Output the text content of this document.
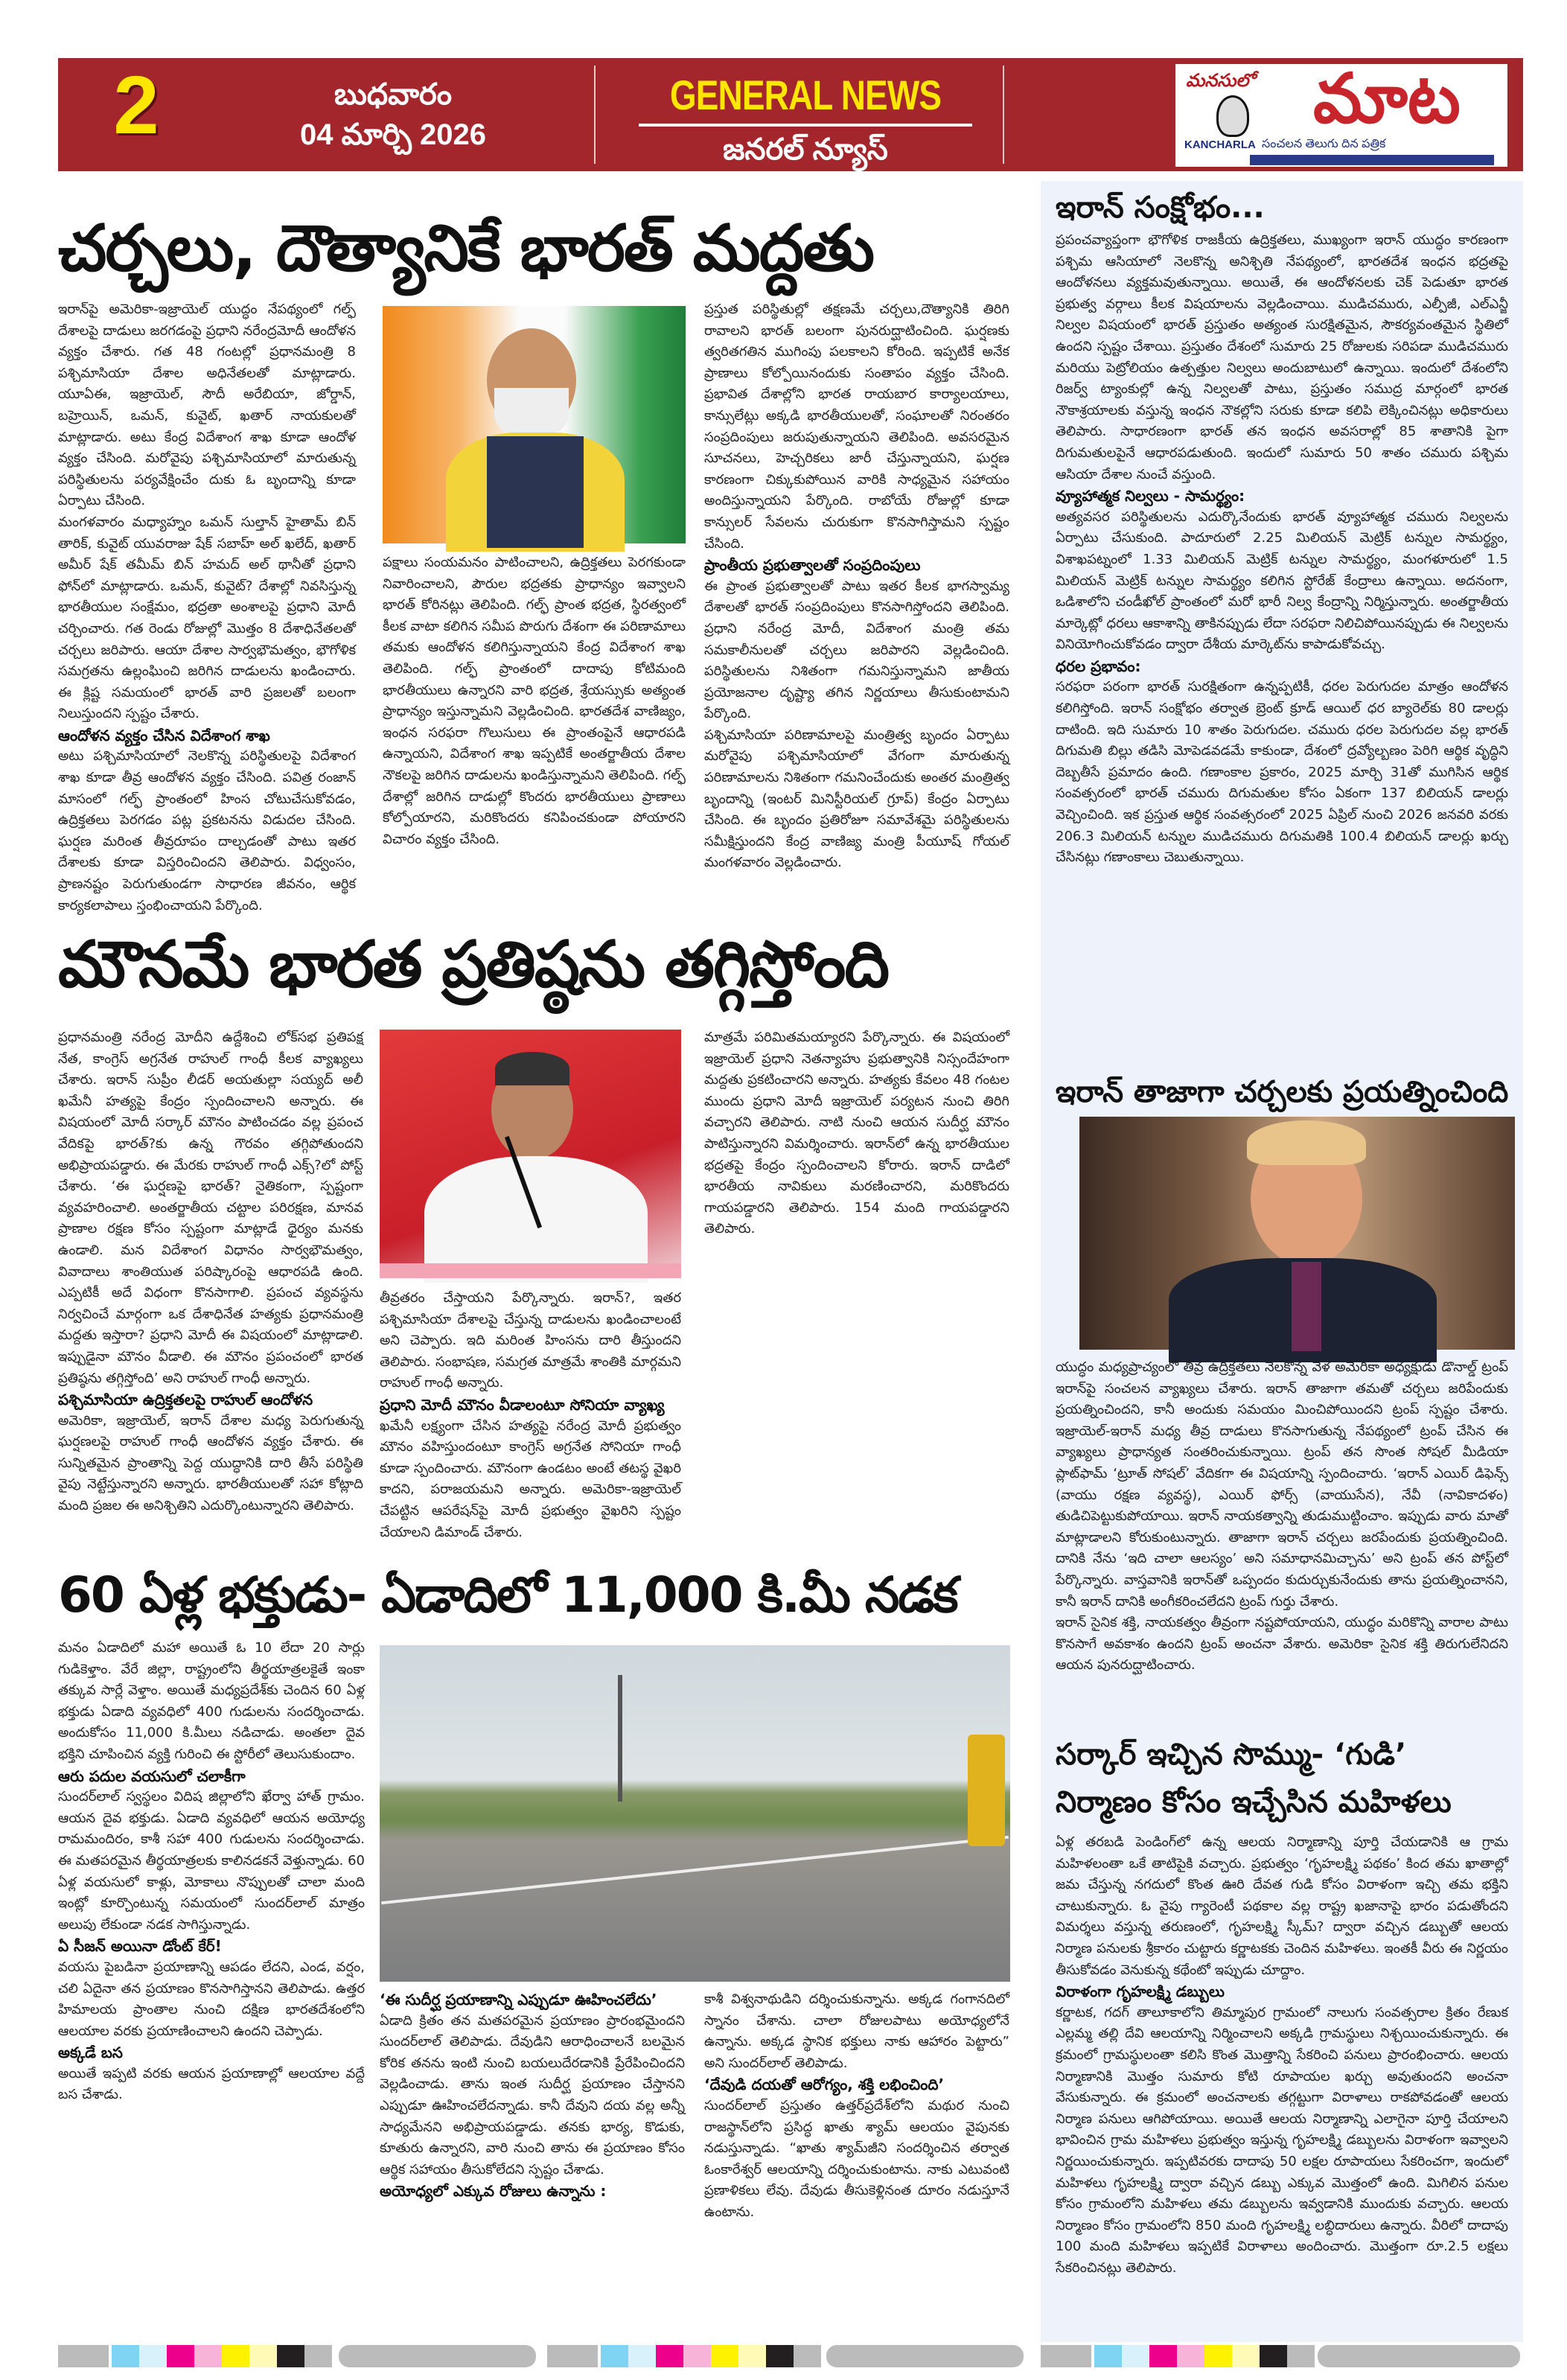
2	బుధవారం
04 మార్చి 2026
GENERAL NEWS
జనరల్ న్యూస్
మనసులో మాట
KANCHARLA సంచలన తెలుగు దిన పత్రిక
చర్చలు, దౌత్యానికే భారత్ మద్దతు

ఇరాన్‌పై అమెరికా-ఇజ్రాయెల్ యుద్ధం నేపథ్యంలో గల్ఫ్ దేశాలపై దాడులు జరగడంపై ప్రధాని నరేంద్రమోదీ ఆందోళన వ్యక్తం చేశారు. గత 48 గంటల్లో ప్రధానమంత్రి 8 పశ్చిమాసియా దేశాల అధినేతలతో మాట్లాడారు. యూఏఈ, ఇజ్రాయెల్, సౌదీ అరేబియా, జోర్డాన్, బహ్రెయిన్, ఒమన్, కువైట్, ఖతార్ నాయకులతో మాట్లాడారు. అటు కేంద్ర విదేశాంగ శాఖ కూడా ఆందోళ వ్యక్తం చేసింది. మరోవైపు పశ్చిమాసియాలో మారుతున్న పరిస్థితులను పర్యవేక్షించేం దుకు ఓ బృందాన్ని కూడా ఏర్పాటు చేసింది.

మంగళవారం మధ్యాహ్నం ఒమన్ సుల్తాన్ హైతామ్ బిన్ తారిక్, కువైట్ యువరాజు షేక్ సబాహ్ అల్ ఖలేద్, ఖతార్ అమీర్ షేక్ తమీమ్ బిన్ హమద్ అల్ థానీతో ప్రధాని ఫోన్‌లో మాట్లాడారు. ఒమన్, కువైట్? దేశాల్లో నివసిస్తున్న భారతీయుల సంక్షేమం, భద్రతా అంశాలపై ప్రధాని మోదీ చర్చించారు. గత రెండు రోజుల్లో మొత్తం 8 దేశాధినేతలతో చర్చలు జరిపారు. ఆయా దేశాల సార్వభౌమత్వం, భౌగోళిక సమగ్రతను ఉల్లంఘించి జరిగిన దాడులను ఖండించారు. ఈ క్లిష్ట సమయంలో భారత్ వారి ప్రజలతో బలంగా నిలుస్తుందని స్పష్టం చేశారు.

ఆందోళన వ్యక్తం చేసిన విదేశాంగ శాఖ

అటు పశ్చిమాసియాలో నెలకొన్న పరిస్థితులపై విదేశాంగ శాఖ కూడా తీవ్ర ఆందోళన వ్యక్తం చేసింది. పవిత్ర రంజాన్ మాసంలో గల్ఫ్ ప్రాంతంలో హింస చోటుచేసుకోవడం, ఉద్రిక్తతలు పెరగడం పట్ల ప్రకటనను విడుదల చేసింది. ఘర్షణ మరింత తీవ్రరూపం దాల్చడంతో పాటు ఇతర దేశాలకు కూడా విస్తరించిందని తెలిపారు. విధ్వంసం, ప్రాణనష్టం పెరుగుతుండగా సాధారణ జీవనం, ఆర్థిక కార్యకలాపాలు స్తంభించాయని పేర్కొంది.

పక్షాలు సంయమనం పాటించాలని, ఉద్రిక్తతలు పెరగకుండా నివారించాలని, పౌరుల భద్రతకు ప్రాధాన్యం ఇవ్వాలని భారత్ కోరినట్లు తెలిపింది. గల్ఫ్ ప్రాంత భద్రత, స్థిరత్వంలో కీలక వాటా కలిగిన సమీప పొరుగు దేశంగా ఈ పరిణామాలు తమకు ఆందోళన కలిగిస్తున్నాయని కేంద్ర విదేశాంగ శాఖ తెలిపింది. గల్ఫ్ ప్రాంతంలో దాదాపు కోటిమంది భారతీయులు ఉన్నారని వారి భద్రత, శ్రేయస్సుకు అత్యంత ప్రాధాన్యం ఇస్తున్నామని వెల్లడించింది. భారతదేశ వాణిజ్యం, ఇంధన సరఫరా గొలుసులు ఈ ప్రాంతంపైనే ఆధారపడి ఉన్నాయని, విదేశాంగ శాఖ ఇప్పటికే అంతర్జాతీయ దేశాల నౌకలపై జరిగిన దాడులను ఖండిస్తున్నామని తెలిపింది. గల్ఫ్ దేశాల్లో జరిగిన దాడుల్లో కొందరు భారతీయులు ప్రాణాలు కోల్పోయారని, మరికొందరు కనిపించకుండా పోయారని విచారం వ్యక్తం చేసింది.

ప్రస్తుత పరిస్థితుల్లో తక్షణమే చర్చలు,దౌత్యానికి తిరిగి రావాలని భారత్ బలంగా పునరుద్ఘాటించింది. ఘర్షణకు త్వరితగతిన ముగింపు పలకాలని కోరింది. ఇప్పటికే అనేక ప్రాణాలు కోల్పోయినందుకు సంతాపం వ్యక్తం చేసింది. ప్రభావిత దేశాల్లోని భారత రాయబార కార్యాలయాలు, కాన్సులేట్లు అక్కడి భారతీయులతో, సంఘాలతో నిరంతరం సంప్రదింపులు జరుపుతున్నాయని తెలిపింది. అవసరమైన సూచనలు, హెచ్చరికలు జారీ చేస్తున్నాయని, ఘర్షణ కారణంగా చిక్కుకుపోయిన వారికి సాధ్యమైన సహాయం అందిస్తున్నాయని పేర్కొంది. రాబోయే రోజుల్లో కూడా కాన్సులర్ సేవలను చురుకుగా కొనసాగిస్తామని స్పష్టం చేసింది.

ప్రాంతీయ ప్రభుత్వాలతో సంప్రదింపులు

ఈ ప్రాంత ప్రభుత్వాలతో పాటు ఇతర కీలక భాగస్వామ్య దేశాలతో భారత్ సంప్రదింపులు కొనసాగిస్తోందని తెలిపింది. ప్రధాని నరేంద్ర మోదీ, విదేశాంగ మంత్రి తమ సమకాలీనులతో చర్చలు జరిపారని వెల్లడించింది. పరిస్థితులను నిశితంగా గమనిస్తున్నామని జాతీయ ప్రయోజనాల దృష్ట్యా తగిన నిర్ణయాలు తీసుకుంటామని పేర్కొంది.

పశ్చిమాసియా పరిణామాలపై మంత్రిత్వ బృందం ఏర్పాటు మరోవైపు పశ్చిమాసియాలో వేగంగా మారుతున్న పరిణామాలను నిశితంగా గమనించేందుకు అంతర మంత్రిత్వ బృందాన్ని (ఇంటర్ మినిస్టీరియల్ గ్రూప్) కేంద్రం ఏర్పాటు చేసింది. ఈ బృందం ప్రతిరోజూ సమావేశమై పరిస్థితులను సమీక్షిస్తుందని కేంద్ర వాణిజ్య మంత్రి పీయూష్ గోయల్ మంగళవారం వెల్లడించారు.

మౌనమే భారత ప్రతిష్ఠను తగ్గిస్తోంది

ప్రధానమంత్రి నరేంద్ర మోదీని ఉద్దేశించి లోక్‌సభ ప్రతిపక్ష నేత, కాంగ్రెస్ అగ్రనేత రాహుల్ గాంధీ కీలక వ్యాఖ్యలు చేశారు. ఇరాన్ సుప్రీం లీడర్ అయతుల్లా సయ్యద్ అలీ ఖమేనీ హత్యపై కేంద్రం స్పందించాలని అన్నారు. ఈ విషయంలో మోదీ సర్కార్ మౌనం పాటించడం వల్ల ప్రపంచ వేదికపై భారత్?కు ఉన్న గౌరవం తగ్గిపోతుందని అభిప్రాయపడ్డారు. ఈ మేరకు రాహుల్ గాంధీ ఎక్స్?లో పోస్ట్ చేశారు. ‘ఈ ఘర్షణపై భారత్? నైతికంగా, స్పష్టంగా వ్యవహరించాలి. అంతర్జాతీయ చట్టాల పరిరక్షణ, మానవ ప్రాణాల రక్షణ కోసం స్పష్టంగా మాట్లాడే ధైర్యం మనకు ఉండాలి. మన విదేశాంగ విధానం సార్వభౌమత్వం, వివాదాలు శాంతియుత పరిష్కారంపై ఆధారపడి ఉంది. ఎప్పటికీ అదే విధంగా కొనసాగాలి. ప్రపంచ వ్యవస్థను నిర్వచించే మార్గంగా ఒక దేశాధినేత హత్యకు ప్రధానమంత్రి మద్దతు ఇస్తారా? ప్రధాని మోదీ ఈ విషయంలో మాట్లాడాలి. ఇప్పుడైనా మౌనం వీడాలి. ఈ మౌనం ప్రపంచంలో భారత ప్రతిష్ఠను తగ్గిస్తోంది’ అని రాహుల్ గాంధీ అన్నారు.

పశ్చిమాసియా ఉద్రిక్తతలపై రాహుల్ ఆందోళన

అమెరికా, ఇజ్రాయెల్, ఇరాన్ దేశాల మధ్య పెరుగుతున్న ఘర్షణలపై రాహుల్ గాంధీ ఆందోళన వ్యక్తం చేశారు. ఈ సున్నితమైన ప్రాంతాన్ని పెద్ద యుద్ధానికి దారి తీసే పరిస్థితి వైపు నెట్టేస్తున్నారని అన్నారు. భారతీయులతో సహా కోట్లాది మంది ప్రజల ఈ అనిశ్చితిని ఎదుర్కొంటున్నారని తెలిపారు.

తీవ్రతరం చేస్తాయని పేర్కొన్నారు. ఇరాన్?, ఇతర పశ్చిమాసియా దేశాలపై చేస్తున్న దాడులను ఖండించాలంటే అని చెప్పారు. ఇది మరింత హింసను దారి తీస్తుందని తెలిపారు. సంభాషణ, సమగ్రత మాత్రమే శాంతికి మార్గమని రాహుల్ గాంధీ అన్నారు.

ప్రధాని మోదీ మౌనం వీడాలంటూ సోనియా వ్యాఖ్య

ఖమేనీ లక్ష్యంగా చేసిన హత్యపై నరేంద్ర మోదీ ప్రభుత్వం మౌనం వహిస్తుందంటూ కాంగ్రెస్ అగ్రనేత సోనియా గాంధీ కూడా స్పందించారు. మౌనంగా ఉండటం అంటే తటస్థ వైఖరి కాదని, పరాజయమని అన్నారు. అమెరికా-ఇజ్రాయెల్ చేపట్టిన ఆపరేషన్‌పై మోదీ ప్రభుత్వం వైఖరిని స్పష్టం చేయాలని డిమాండ్ చేశారు.

మాత్రమే పరిమితమయ్యారని పేర్కొన్నారు. ఈ విషయంలో ఇజ్రాయెల్ ప్రధాని నెతన్యాహు ప్రభుత్వానికి నిస్సందేహంగా మద్దతు ప్రకటించారని అన్నారు. హత్యకు కేవలం 48 గంటల ముందు ప్రధాని మోదీ ఇజ్రాయెల్ పర్యటన నుంచి తిరిగి వచ్చారని తెలిపారు. నాటి నుంచి ఆయన సుదీర్ఘ మౌనం పాటిస్తున్నారని విమర్శించారు. ఇరాన్‌లో ఉన్న భారతీయుల భద్రతపై కేంద్రం స్పందించాలని కోరారు. ఇరాన్ దాడిలో భారతీయ నావికులు మరణించారని, మరికొందరు గాయపడ్డారని తెలిపారు. 154 మంది గాయపడ్డారని తెలిపారు.

60 ఏళ్ల భక్తుడు- ఏడాదిలో 11,000 కి.మీ నడక

మనం ఏడాదిలో మహా అయితే ఓ 10 లేదా 20 సార్లు గుడికెళ్తాం. వేరే జిల్లా, రాష్ట్రంలోని తీర్థయాత్రలకైతే ఇంకా తక్కువ సార్లే వెళ్తాం. అయితే మధ్యప్రదేశ్‌కు చెందిన 60 ఏళ్ల భక్తుడు ఏడాది వ్యవధిలో 400 గుడులను సందర్శించాడు. అందుకోసం 11,000 కి.మీలు నడిచాడు. అంతలా దైవ భక్తిని చూపించిన వ్యక్తి గురించి ఈ స్టోరీలో తెలుసుకుందాం.

ఆరు పదుల వయసులో చలాకీగా

సుందర్‌లాల్ స్వస్థలం విదిష జిల్లాలోని ఖేర్వా హాత్ గ్రామం. ఆయన దైవ భక్తుడు. ఏడాది వ్యవధిలో ఆయన అయోధ్య రామమందిరం, కాశీ సహా 400 గుడులను సందర్శించాడు. ఈ మతపరమైన తీర్థయాత్రలకు కాలినడకనే వెళ్తున్నాడు. 60 ఏళ్ల వయసులో కాళ్లు, మోకాలు నొప్పులతో చాలా మంది ఇంట్లో కూర్చొంటున్న సమయంలో సుందర్‌లాల్ మాత్రం అలుపు లేకుండా నడక సాగిస్తున్నాడు.

ఏ సీజన్ అయినా డోంట్ కేర్!

వయసు పైబడినా ప్రయాణాన్ని ఆపడం లేదని, ఎండ, వర్షం, చలి ఏదైనా తన ప్రయాణం కొనసాగిస్తానని తెలిపాడు. ఉత్తర హిమాలయ ప్రాంతాల నుంచి దక్షిణ భారతదేశంలోని ఆలయాల వరకు ప్రయాణించాలని ఉందని చెప్పాడు.

అక్కడే బస

అయితే ఇప్పటి వరకు ఆయన ప్రయాణాల్లో ఆలయాల వద్దే బస చేశాడు.

‘ఈ సుదీర్ఘ ప్రయాణాన్ని ఎప్పుడూ ఊహించలేదు’

ఏడాది క్రితం తన మతపరమైన ప్రయాణం ప్రారంభమైందని సుందర్‌లాల్ తెలిపాడు. దేవుడిని ఆరాధించాలనే బలమైన కోరిక తనను ఇంటి నుంచి బయలుదేరడానికి ప్రేరేపించిందని వెల్లడించాడు. తాను ఇంత సుదీర్ఘ ప్రయాణం చేస్తానని ఎప్పుడూ ఊహించలేదన్నాడు. కానీ దేవుని దయ వల్ల అన్నీ సాధ్యమేనని అభిప్రాయపడ్డాడు. తనకు భార్య, కొడుకు, కూతురు ఉన్నారని, వారి నుంచి తాను ఈ ప్రయాణం కోసం ఆర్థిక సహాయం తీసుకోలేదని స్పష్టం చేశాడు.

అయోధ్యలో ఎక్కువ రోజులు ఉన్నాను :

కాశీ విశ్వనాథుడిని దర్శించుకున్నాను. అక్కడ గంగానదిలో స్నానం చేశాను. చాలా రోజులపాటు అయోధ్యలోనే ఉన్నాను. అక్కడ స్థానిక భక్తులు నాకు ఆహారం పెట్టారు” అని సుందర్‌లాల్ తెలిపాడు.

‘దేవుడి దయతో ఆరోగ్యం, శక్తి లభించింది’

సుందర్‌లాల్ ప్రస్తుతం ఉత్తర్‌ప్రదేశ్‌లోని మథుర నుంచి రాజస్థాన్‌లోని ప్రసిద్ధ ఖాతు శ్యామ్ ఆలయం వైపునకు నడుస్తున్నాడు. “ఖాతు శ్యామ్‌జీని సందర్శించిన తర్వాత ఓంకారేశ్వర్ ఆలయాన్ని దర్శించుకుంటాను. నాకు ఎటువంటి ప్రణాళికలు లేవు. దేవుడు తీసుకెళ్లినంత దూరం నడుస్తూనే ఉంటాను.

ఇరాన్ సంక్షోభం...

ప్రపంచవ్యాప్తంగా భౌగోళిక రాజకీయ ఉద్రిక్తతలు, ముఖ్యంగా ఇరాన్ యుద్ధం కారణంగా పశ్చిమ ఆసియాలో నెలకొన్న అనిశ్చితి నేపథ్యంలో, భారతదేశ ఇంధన భద్రతపై ఆందోళనలు వ్యక్తమవుతున్నాయి. అయితే, ఈ ఆందోళనలకు చెక్ పెడుతూ భారత ప్రభుత్వ వర్గాలు కీలక విషయాలను వెల్లడించాయి. ముడిచమురు, ఎల్పీజీ, ఎల్ఎన్జీ నిల్వల విషయంలో భారత్ ప్రస్తుతం అత్యంత సురక్షితమైన, సౌకర్యవంతమైన స్థితిలో ఉందని స్పష్టం చేశాయి. ప్రస్తుతం దేశంలో సుమారు 25 రోజులకు సరిపడా ముడిచమురు మరియు పెట్రోలియం ఉత్పత్తుల నిల్వలు అందుబాటులో ఉన్నాయి. ఇందులో దేశంలోని రిజర్వ్ ట్యాంకుల్లో ఉన్న నిల్వలతో పాటు, ప్రస్తుతం సముద్ర మార్గంలో భారత నౌకాశ్రయాలకు వస్తున్న ఇంధన నౌకల్లోని సరుకు కూడా కలిపి లెక్కించినట్లు అధికారులు తెలిపారు. సాధారణంగా భారత్ తన ఇంధన అవసరాల్లో 85 శాతానికి పైగా దిగుమతులపైనే ఆధారపడుతుంది. ఇందులో సుమారు 50 శాతం చమురు పశ్చిమ ఆసియా దేశాల నుంచే వస్తుంది.

వ్యూహాత్మక నిల్వలు - సామర్థ్యం:

అత్యవసర పరిస్థితులను ఎదుర్కొనేందుకు భారత్ వ్యూహాత్మక చమురు నిల్వలను ఏర్పాటు చేసుకుంది. పాదూరులో 2.25 మిలియన్ మెట్రిక్ టన్నుల సామర్థ్యం, విశాఖపట్నంలో 1.33 మిలియన్ మెట్రిక్ టన్నుల సామర్థ్యం, మంగళూరులో 1.5 మిలియన్ మెట్రిక్ టన్నుల సామర్థ్యం కలిగిన స్టోరేజ్ కేంద్రాలు ఉన్నాయి. అదనంగా, ఒడిశాలోని చండీఖోల్ ప్రాంతంలో మరో భారీ నిల్వ కేంద్రాన్ని నిర్మిస్తున్నారు. అంతర్జాతీయ మార్కెట్లో ధరలు ఆకాశాన్ని తాకినప్పుడు లేదా సరఫరా నిలిచిపోయినప్పుడు ఈ నిల్వలను వినియోగించుకోవడం ద్వారా దేశీయ మార్కెట్‌ను కాపాడుకోవచ్చు.

ధరల ప్రభావం:

సరఫరా పరంగా భారత్ సురక్షితంగా ఉన్నప్పటికీ, ధరల పెరుగుదల మాత్రం ఆందోళన కలిగిస్తోంది. ఇరాన్ సంక్షోభం తర్వాత బ్రెంట్ క్రూడ్ ఆయిల్ ధర బ్యారెల్‌కు 80 డాలర్లు దాటింది. ఇది సుమారు 10 శాతం పెరుగుదల. చమురు ధరల పెరుగుదల వల్ల భారత్ దిగుమతి బిల్లు తడిసి మోపెడవడమే కాకుండా, దేశంలో ద్రవ్యోల్బణం పెరిగి ఆర్థిక వృద్ధిని దెబ్బతీసే ప్రమాదం ఉంది. గణాంకాల ప్రకారం, 2025 మార్చి 31తో ముగిసిన ఆర్థిక సంవత్సరంలో భారత్ చమురు దిగుమతుల కోసం ఏకంగా 137 బిలియన్ డాలర్లు వెచ్చించింది. ఇక ప్రస్తుత ఆర్థిక సంవత్సరంలో 2025 ఏప్రిల్ నుంచి 2026 జనవరి వరకు 206.3 మిలియన్ టన్నుల ముడిచమురు దిగుమతికి 100.4 బిలియన్ డాలర్లు ఖర్చు చేసినట్లు గణాంకాలు చెబుతున్నాయి.

ఇరాన్ తాజాగా చర్చలకు ప్రయత్నించింది

యుద్ధం మధ్యప్రాచ్యంలో తీవ్ర ఉద్రిక్తతలు నెలకొన్న వేళ అమెరికా అధ్యక్షుడు డొనాల్డ్ ట్రంప్ ఇరాన్‌పై సంచలన వ్యాఖ్యలు చేశారు. ఇరాన్ తాజాగా తమతో చర్చలు జరిపేందుకు ప్రయత్నించిందని, కానీ అందుకు సమయం మించిపోయిందని ట్రంప్ స్పష్టం చేశారు. ఇజ్రాయెల్-ఇరాన్ మధ్య తీవ్ర దాడులు కొనసాగుతున్న నేపథ్యంలో ట్రంప్ చేసిన ఈ వ్యాఖ్యలు ప్రాధాన్యత సంతరించుకున్నాయి. ట్రంప్ తన సొంత సోషల్ మీడియా ప్లాట్‌ఫామ్ ‘ట్రూత్ సోషల్’ వేదికగా ఈ విషయాన్ని స్పందించారు. ‘ఇరాన్ ఎయిర్ డిఫెన్స్ (వాయు రక్షణ వ్యవస్థ), ఎయిర్ ఫోర్స్ (వాయుసేన), నేవీ (నావికాదళం) తుడిచిపెట్టుకుపోయాయి. ఇరాన్ నాయకత్వాన్ని తుడుముట్టించాం. ఇప్పుడు వారు మాతో మాట్లాడాలని కోరుకుంటున్నారు. తాజాగా ఇరాన్ చర్చలు జరపేందుకు ప్రయత్నించింది. దానికి నేను ‘ఇది చాలా ఆలస్యం’ అని సమాధానమిచ్చాను’ అని ట్రంప్ తన పోస్ట్‌లో పేర్కొన్నారు. వాస్తవానికి ఇరాన్‌తో ఒప్పందం కుదుర్చుకునేందుకు తాను ప్రయత్నించానని, కానీ ఇరాన్ దానికి అంగీకరించలేదని ట్రంప్ గుర్తు చేశారు.

ఇరాన్ సైనిక శక్తి, నాయకత్వం తీవ్రంగా నష్టపోయాయని, యుద్ధం మరికొన్ని వారాల పాటు కొనసాగే అవకాశం ఉందని ట్రంప్ అంచనా వేశారు. అమెరికా సైనిక శక్తి తిరుగులేనిదని ఆయన పునరుద్ఘాటించారు.

సర్కార్ ఇచ్చిన సొమ్ము- ‘గుడి’ నిర్మాణం కోసం ఇచ్చేసిన మహిళలు

ఏళ్ల తరబడి పెండింగ్‌లో ఉన్న ఆలయ నిర్మాణాన్ని పూర్తి చేయడానికి ఆ గ్రామ మహిళలంతా ఒకే తాటిపైకి వచ్చారు. ప్రభుత్వం ‘గృహలక్ష్మి పథకం’ కింద తమ ఖాతాల్లో జమ చేస్తున్న నగదులో కొంత ఊరి దేవత గుడి కోసం విరాళంగా ఇచ్చి తమ భక్తిని చాటుకున్నారు. ఓ వైపు గ్యారెంటీ పథకాల వల్ల రాష్ట్ర ఖజానాపై భారం పడుతోందని విమర్శలు వస్తున్న తరుణంలో, గృహలక్ష్మి స్కీమ్? ద్వారా వచ్చిన డబ్బుతో ఆలయ నిర్మాణ పనులకు శ్రీకారం చుట్టారు కర్ణాటకకు చెందిన మహిళలు. ఇంతకీ వీరు ఈ నిర్ణయం తీసుకోవడం వెనుకున్న కథేంటో ఇప్పుడు చూద్దాం.

విరాళంగా గృహలక్ష్మి డబ్బులు

కర్ణాటక, గదగ్ తాలూకాలోని తిమ్మాపుర గ్రామంలో నాలుగు సంవత్సరాల క్రితం రేణుక ఎల్లమ్మ తల్లి దేవి ఆలయాన్ని నిర్మించాలని అక్కడి గ్రామస్థులు నిశ్చయించుకున్నారు. ఈ క్రమంలో గ్రామస్థులంతా కలిసి కొంత మొత్తాన్ని సేకరించి పనులు ప్రారంభించారు. ఆలయ నిర్మాణానికి మొత్తం సుమారు కోటి రూపాయల ఖర్చు అవుతుందని అంచనా వేసుకున్నారు. ఈ క్రమంలో అంచనాలకు తగ్గట్టుగా విరాళాలు రాకపోవడంతో ఆలయ నిర్మాణ పనులు ఆగిపోయాయి. అయితే ఆలయ నిర్మాణాన్ని ఎలాగైనా పూర్తి చేయాలని భావించిన గ్రామ మహిళలు ప్రభుత్వం ఇస్తున్న గృహలక్ష్మి డబ్బులను విరాళంగా ఇవ్వాలని నిర్ణయించుకున్నారు. ఇప్పటివరకు దాదాపు 50 లక్షల రూపాయలు సేకరించగా, ఇందులో మహిళలు గృహలక్ష్మి ద్వారా వచ్చిన డబ్బు ఎక్కువ మొత్తంలో ఉంది. మిగిలిన పనుల కోసం గ్రామంలోని మహిళలు తమ డబ్బులను ఇవ్వడానికి ముందుకు వచ్చారు. ఆలయ నిర్మాణం కోసం గ్రామంలోని 850 మంది గృహలక్ష్మి లబ్ధిదారులు ఉన్నారు. వీరిలో దాదాపు 100 మంది మహిళలు ఇప్పటికే విరాళాలు అందించారు. మొత్తంగా రూ.2.5 లక్షలు సేకరించినట్లు తెలిపారు.
